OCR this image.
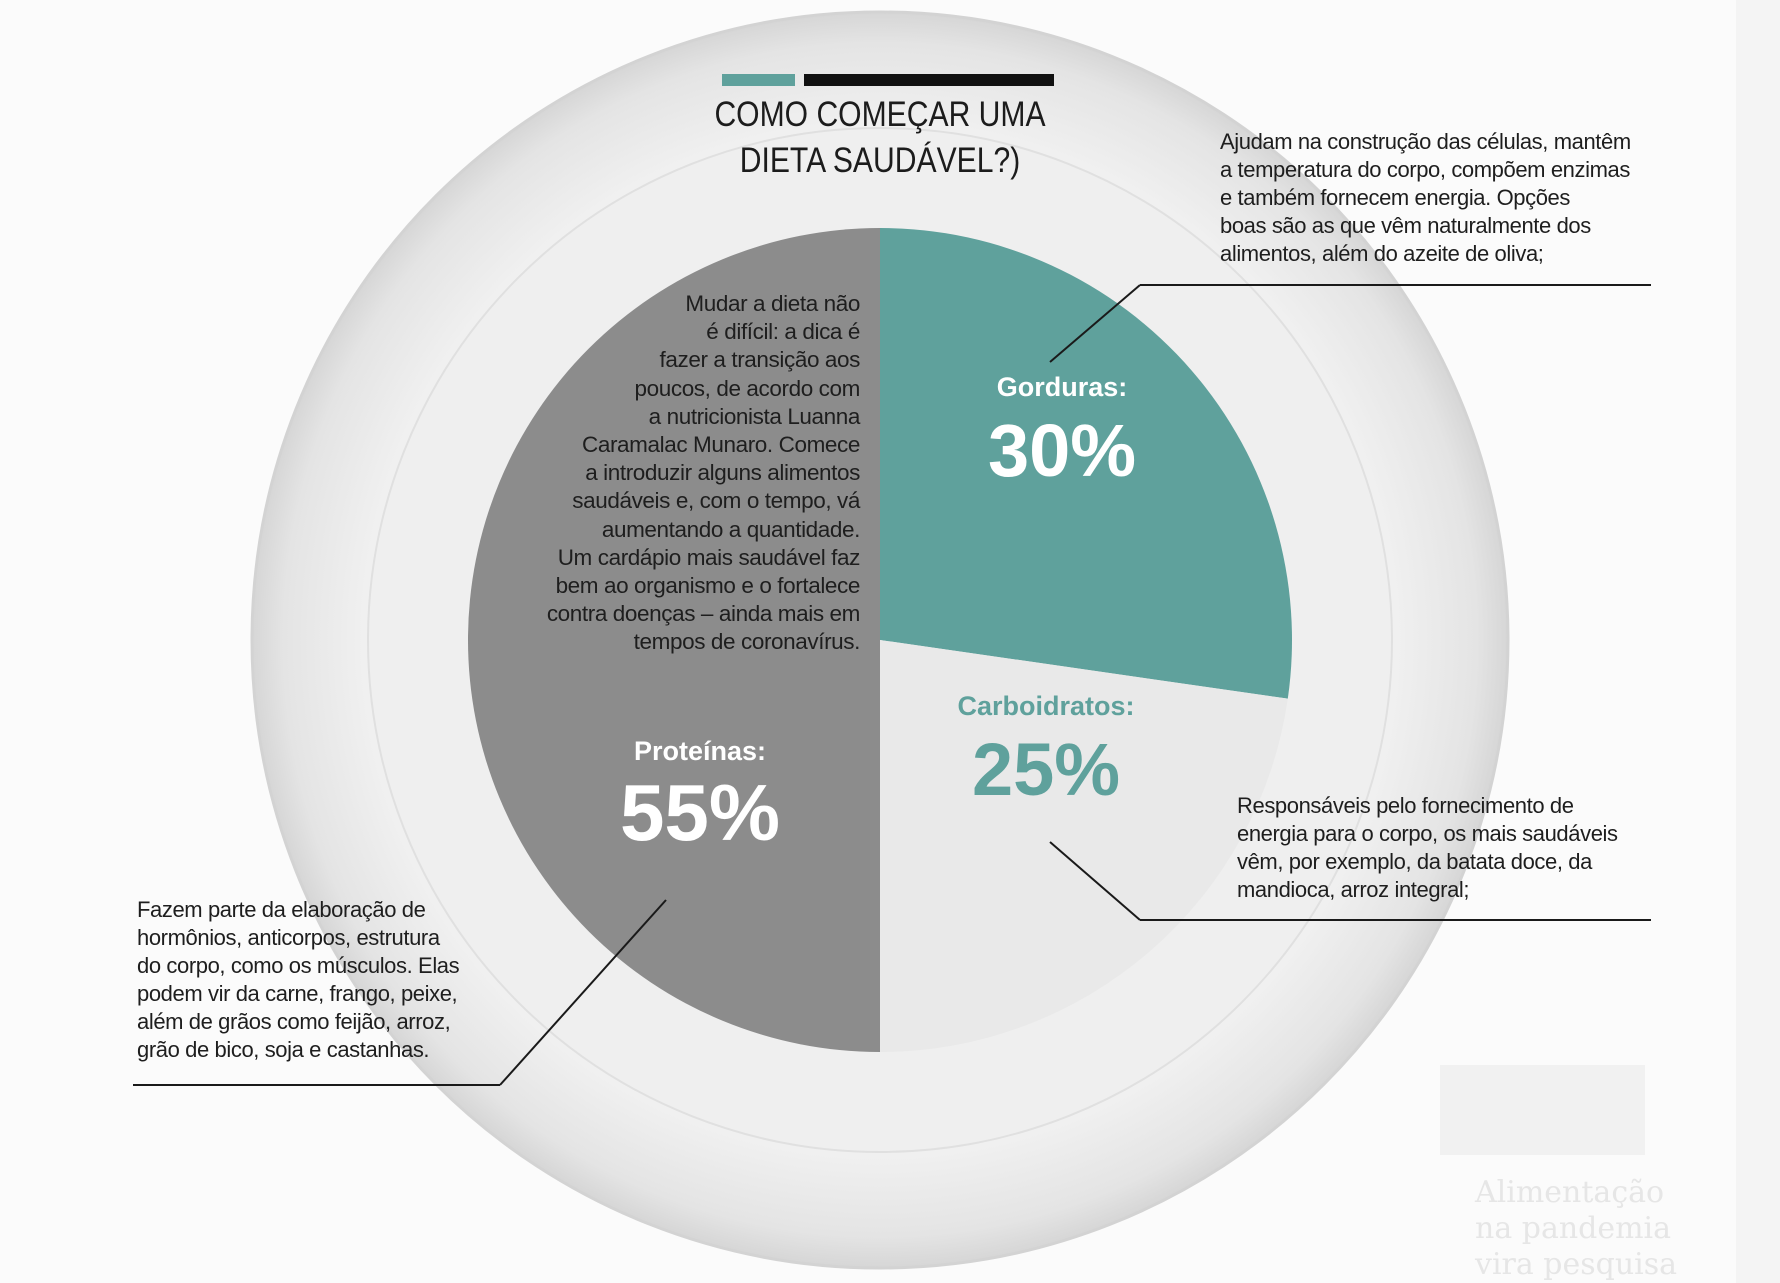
Gorduras:
30%
Carboidratos:
25%
Proteínas:
55%
COMO COMEÇAR UMA
DIETA SAUDÁVEL?)
Mudar a dieta não
é difícil: a dica é
fazer a transição aos
poucos, de acordo com
a nutricionista Luanna
Caramalac Munaro. Comece
a introduzir alguns alimentos
saudáveis e, com o tempo, vá
aumentando a quantidade.
Um cardápio mais saudável faz
bem ao organismo e o fortalece
contra doenças – ainda mais em
tempos de coronavírus.
Ajudam na construção das células, mantêm
a temperatura do corpo, compõem enzimas
e também fornecem energia. Opções
boas são as que vêm naturalmente dos
alimentos, além do azeite de oliva;
Responsáveis pelo fornecimento de
energia para o corpo, os mais saudáveis
vêm, por exemplo, da batata doce, da
mandioca, arroz integral;
Fazem parte da elaboração de
hormônios, anticorpos, estrutura
do corpo, como os músculos. Elas
podem vir da carne, frango, peixe,
além de grãos como feijão, arroz,
grão de bico, soja e castanhas.
Alimentação
na pandemia
vira pesquisa
